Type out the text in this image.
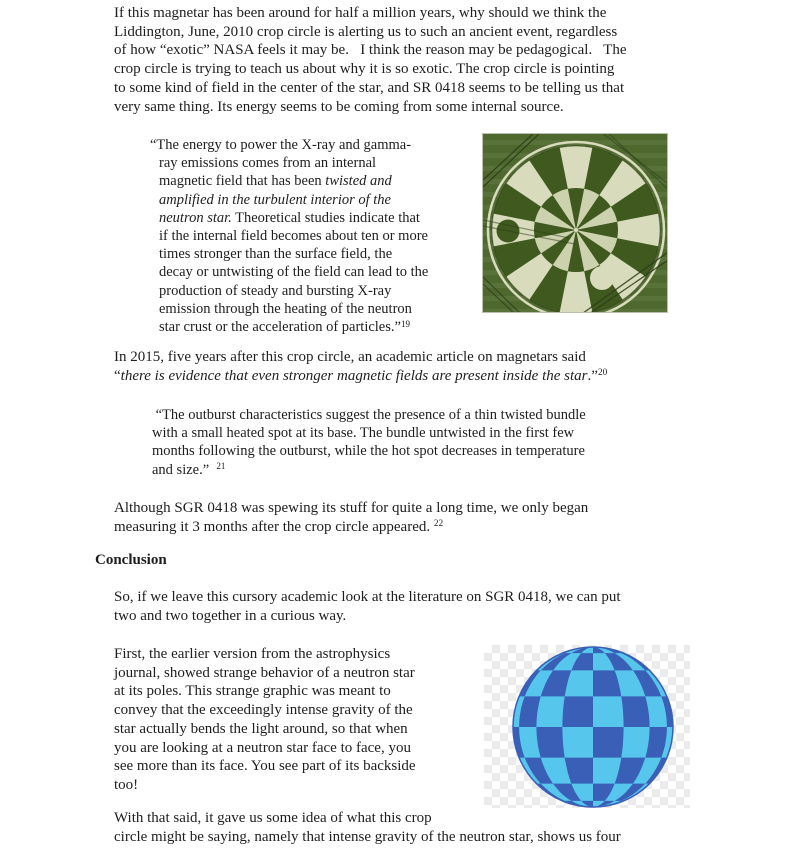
If this magnetar has been around for half a million years, why should we think the
Liddington, June, 2010 crop circle is alerting us to such an ancient event, regardless
of how “exotic” NASA feels it may be.   I think the reason may be pedagogical.   The
crop circle is trying to teach us about why it is so exotic. The crop circle is pointing
to some kind of field in the center of the star, and SR 0418 seems to be telling us that
very same thing. Its energy seems to be coming from some internal source.
“The energy to power the X-ray and gamma-
ray emissions comes from an internal
magnetic field that has been twisted and
amplified in the turbulent interior of the
neutron star. Theoretical studies indicate that
if the internal field becomes about ten or more
times stronger than the surface field, the
decay or untwisting of the field can lead to the
production of steady and bursting X-ray
emission through the heating of the neutron
star crust or the acceleration of particles.”$^{19}$
In 2015, five years after this crop circle, an academic article on magnetars said
“there is evidence that even stronger magnetic fields are present inside the star.”$^{20}$
“The outburst characteristics suggest the presence of a thin twisted bundle
with a small heated spot at its base. The bundle untwisted in the first few
months following the outburst, while the hot spot decreases in temperature
and size.”  $^{21}$
Although SGR 0418 was spewing its stuff for quite a long time, we only began
measuring it 3 months after the crop circle appeared. $^{22}$
Conclusion
So, if we leave this cursory academic look at the literature on SGR 0418, we can put
two and two together in a curious way.
First, the earlier version from the astrophysics
journal, showed strange behavior of a neutron star
at its poles. This strange graphic was meant to
convey that the exceedingly intense gravity of the
star actually bends the light around, so that when
you are looking at a neutron star face to face, you
see more than its face. You see part of its backside
too!
With that said, it gave us some idea of what this crop
circle might be saying, namely that intense gravity of the neutron star, shows us four
